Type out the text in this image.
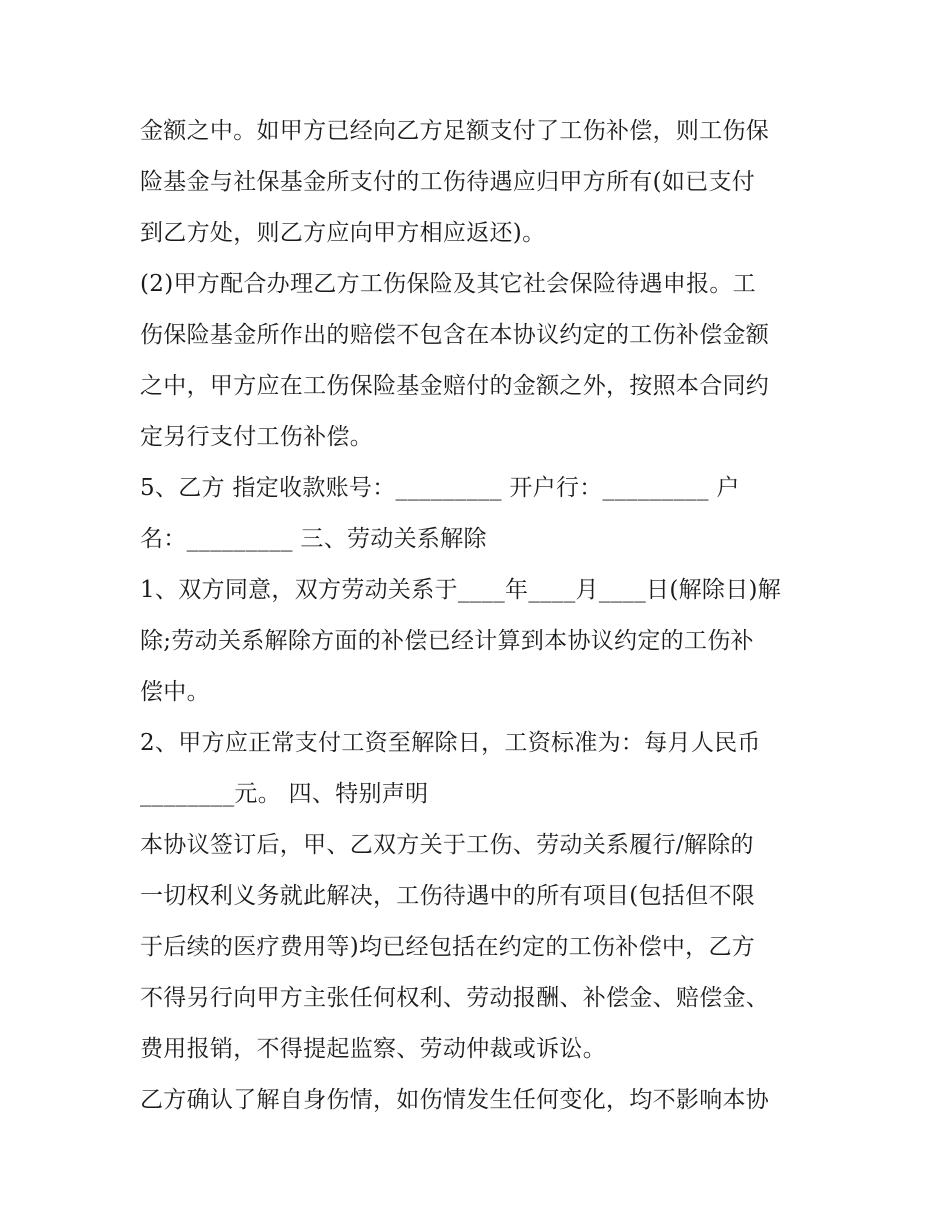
金额之中。如甲方已经向乙方足额支付了工伤补偿，则工伤保
险基金与社保基金所支付的工伤待遇应归甲方所有(如已支付
到乙方处，则乙方应向甲方相应返还)。
(2)甲方配合办理乙方工伤保险及其它社会保险待遇申报。工
伤保险基金所作出的赔偿不包含在本协议约定的工伤补偿金额
之中，甲方应在工伤保险基金赔付的金额之外，按照本合同约
定另行支付工伤补偿。
5、乙方 指定收款账号：_________ 开户行：_________ 户
名：_________ 三、劳动关系解除
1、双方同意，双方劳动关系于____年____月____日(解除日)解
除;劳动关系解除方面的补偿已经计算到本协议约定的工伤补
偿中。
2、甲方应正常支付工资至解除日，工资标准为：每月人民币
________元。 四、特别声明
本协议签订后，甲、乙双方关于工伤、劳动关系履行/解除的
一切权利义务就此解决，工伤待遇中的所有项目(包括但不限
于后续的医疗费用等)均已经包括在约定的工伤补偿中，乙方
不得另行向甲方主张任何权利、劳动报酬、补偿金、赔偿金、
费用报销，不得提起监察、劳动仲裁或诉讼。
乙方确认了解自身伤情，如伤情发生任何变化，均不影响本协
